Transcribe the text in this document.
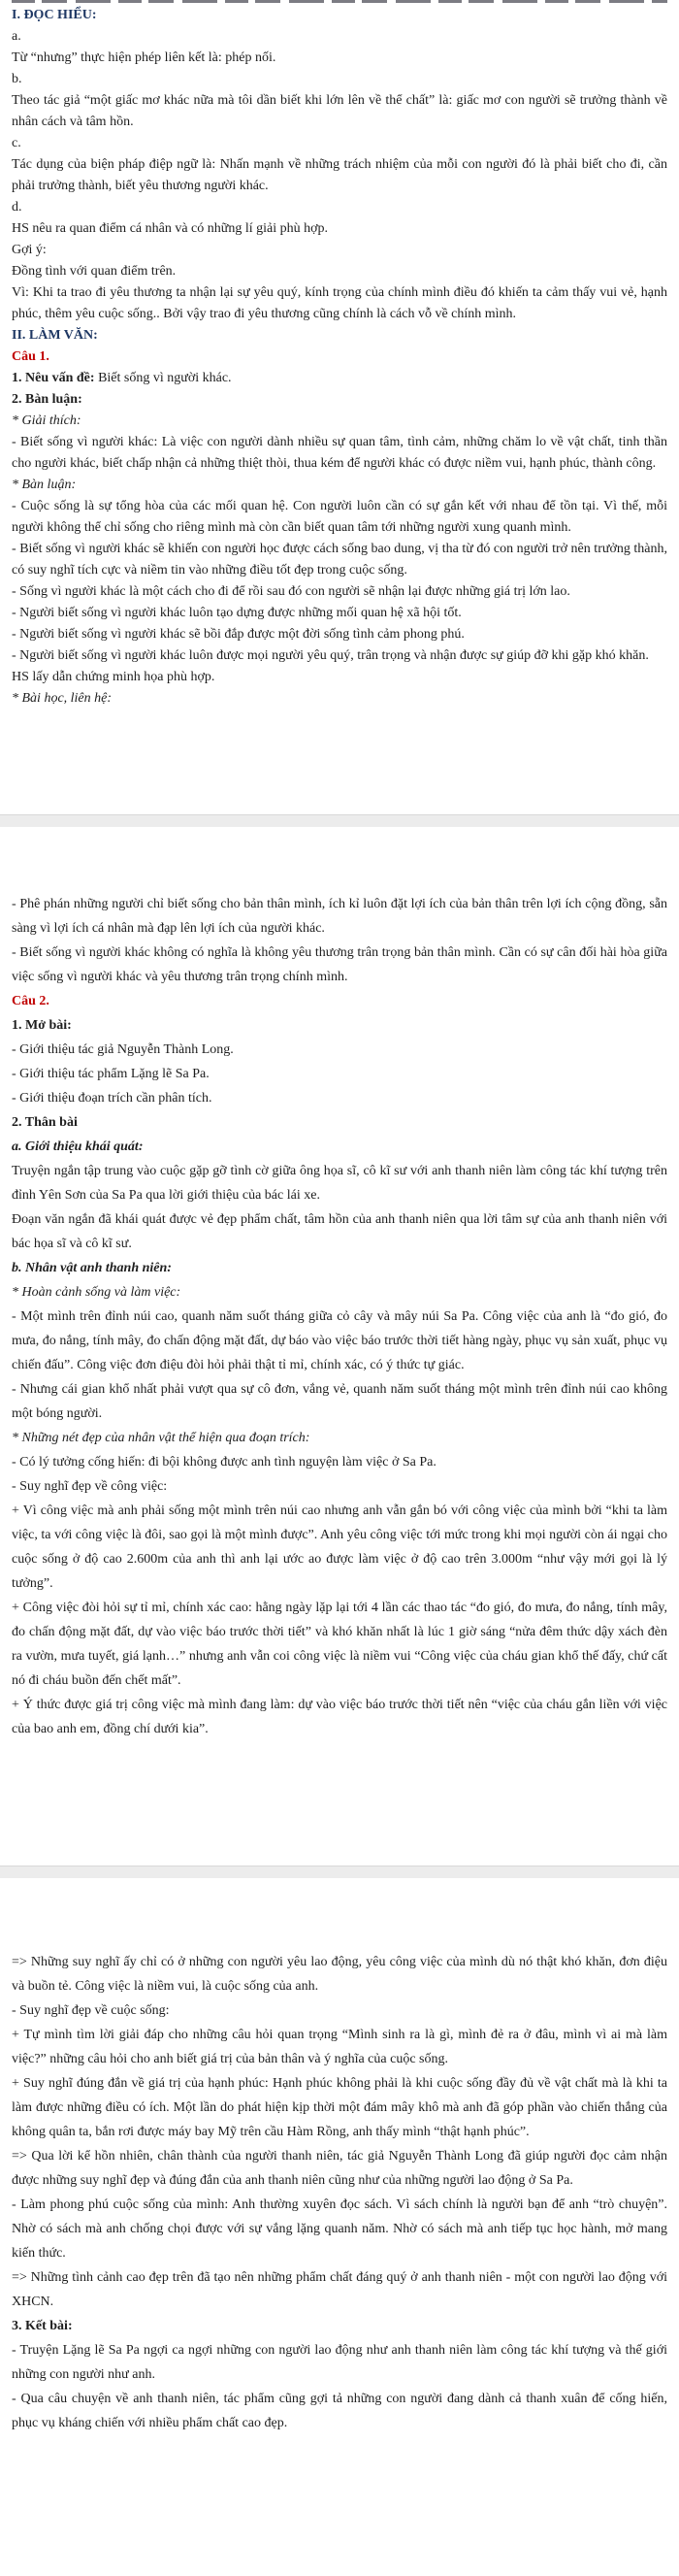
I. ĐỌC HIỂU:

a.

Từ “nhưng” thực hiện phép liên kết là: phép nối.

b.

Theo tác giả “một giấc mơ khác nữa mà tôi dần biết khi lớn lên về thể chất” là: giấc mơ con người sẽ trưởng thành về nhân cách và tâm hồn.

c.

Tác dụng của biện pháp điệp ngữ là: Nhấn mạnh về những trách nhiệm của mỗi con người đó là phải biết cho đi, cần phải trưởng thành, biết yêu thương người khác.

d.

HS nêu ra quan điểm cá nhân và có những lí giải phù hợp.

Gợi ý:

Đồng tình với quan điểm trên.

Vì: Khi ta trao đi yêu thương ta nhận lại sự yêu quý, kính trọng của chính mình điều đó khiến ta cảm thấy vui vẻ, hạnh phúc, thêm yêu cuộc sống.. Bởi vậy trao đi yêu thương cũng chính là cách vỗ về chính mình.

II. LÀM VĂN:

Câu 1.

1. Nêu vấn đề: Biết sống vì người khác.

2. Bàn luận:

* Giải thích:

- Biết sống vì người khác: Là việc con người dành nhiều sự quan tâm, tình cảm, những chăm lo về vật chất, tinh thần cho người khác, biết chấp nhận cả những thiệt thòi, thua kém để người khác có được niềm vui, hạnh phúc, thành công.

* Bàn luận:

- Cuộc sống là sự tổng hòa của các mối quan hệ. Con người luôn cần có sự gắn kết với nhau để tồn tại. Vì thế, mỗi người không thể chỉ sống cho riêng mình mà còn cần biết quan tâm tới những người xung quanh mình.

- Biết sống vì người khác sẽ khiến con người học được cách sống bao dung, vị tha từ đó con người trở nên trưởng thành, có suy nghĩ tích cực và niềm tin vào những điều tốt đẹp trong cuộc sống.

- Sống vì người khác là một cách cho đi để rồi sau đó con người sẽ nhận lại được những giá trị lớn lao.

- Người biết sống vì người khác luôn tạo dựng được những mối quan hệ xã hội tốt.

- Người biết sống vì người khác sẽ bồi đắp được một đời sống tình cảm phong phú.

- Người biết sống vì người khác luôn được mọi người yêu quý, trân trọng và nhận được sự giúp đỡ khi gặp khó khăn.

HS lấy dẫn chứng minh họa phù hợp.

* Bài học, liên hệ:

- Phê phán những người chỉ biết sống cho bản thân mình, ích kỉ luôn đặt lợi ích của bản thân trên lợi ích cộng đồng, sẵn sàng vì lợi ích cá nhân mà đạp lên lợi ích của người khác.

- Biết sống vì người khác không có nghĩa là không yêu thương trân trọng bản thân mình. Cần có sự cân đối hài hòa giữa việc sống vì người khác và yêu thương trân trọng chính mình.

Câu 2.

1. Mở bài:

- Giới thiệu tác giả Nguyễn Thành Long.

- Giới thiệu tác phẩm Lặng lẽ Sa Pa.

- Giới thiệu đoạn trích cần phân tích.

2. Thân bài

a. Giới thiệu khái quát:

Truyện ngắn tập trung vào cuộc gặp gỡ tình cờ giữa ông họa sĩ, cô kĩ sư với anh thanh niên làm công tác khí tượng trên đỉnh Yên Sơn của Sa Pa qua lời giới thiệu của bác lái xe.

Đoạn văn ngắn đã khái quát được vẻ đẹp phẩm chất, tâm hồn của anh thanh niên qua lời tâm sự của anh thanh niên với bác họa sĩ và cô kĩ sư.

b. Nhân vật anh thanh niên:

* Hoàn cảnh sống và làm việc:

- Một mình trên đỉnh núi cao, quanh năm suốt tháng giữa cỏ cây và mây núi Sa Pa. Công việc của anh là “đo gió, đo mưa, đo nắng, tính mây, đo chấn động mặt đất, dự báo vào việc báo trước thời tiết hàng ngày, phục vụ sản xuất, phục vụ chiến đấu”. Công việc đơn điệu đòi hỏi phải thật tỉ mỉ, chính xác, có ý thức tự giác.

- Nhưng cái gian khổ nhất phải vượt qua sự cô đơn, vắng vẻ, quanh năm suốt tháng một mình trên đỉnh núi cao không một bóng người.

* Những nét đẹp của nhân vật thể hiện qua đoạn trích:

- Có lý tưởng cống hiến: đi bội không được anh tình nguyện làm việc ở Sa Pa.

- Suy nghĩ đẹp về công việc:

+ Vì công việc mà anh phải sống một mình trên núi cao nhưng anh vẫn gắn bó với công việc của mình bởi “khi ta làm việc, ta với công việc là đôi, sao gọi là một mình được”. Anh yêu công việc tới mức trong khi mọi người còn ái ngại cho cuộc sống ở độ cao 2.600m của anh thì anh lại ước ao được làm việc ở độ cao trên 3.000m “như vậy mới gọi là lý tưởng”.

+ Công việc đòi hỏi sự tỉ mỉ, chính xác cao: hằng ngày lặp lại tới 4 lần các thao tác “đo gió, đo mưa, đo nắng, tính mây, đo chấn động mặt đất, dự vào việc báo trước thời tiết” và khó khăn nhất là lúc 1 giờ sáng “nửa đêm thức dậy xách đèn ra vườn, mưa tuyết, giá lạnh…” nhưng anh vẫn coi công việc là niềm vui “Công việc của cháu gian khổ thế đấy, chứ cất nó đi cháu buồn đến chết mất”.

+ Ý thức được giá trị công việc mà mình đang làm: dự vào việc báo trước thời tiết nên “việc của cháu gắn liền với việc của bao anh em, đồng chí dưới kia”.

=> Những suy nghĩ ấy chỉ có ở những con người yêu lao động, yêu công việc của mình dù nó thật khó khăn, đơn điệu và buồn tẻ. Công việc là niềm vui, là cuộc sống của anh.

- Suy nghĩ đẹp về cuộc sống:

+ Tự mình tìm lời giải đáp cho những câu hỏi quan trọng “Mình sinh ra là gì, mình đẻ ra ở đâu, mình vì ai mà làm việc?” những câu hỏi cho anh biết giá trị của bản thân và ý nghĩa của cuộc sống.

+ Suy nghĩ đúng đắn về giá trị của hạnh phúc: Hạnh phúc không phải là khi cuộc sống đầy đủ về vật chất mà là khi ta làm được những điều có ích. Một lần do phát hiện kịp thời một đám mây khô mà anh đã góp phần vào chiến thắng của không quân ta, bắn rơi được máy bay Mỹ trên cầu Hàm Rồng, anh thấy mình “thật hạnh phúc”.

=> Qua lời kể hồn nhiên, chân thành của người thanh niên, tác giả Nguyễn Thành Long đã giúp người đọc cảm nhận được những suy nghĩ đẹp và đúng đắn của anh thanh niên cũng như của những người lao động ở Sa Pa.

- Làm phong phú cuộc sống của mình: Anh thường xuyên đọc sách. Vì sách chính là người bạn để anh “trò chuyện”. Nhờ có sách mà anh chống chọi được với sự vắng lặng quanh năm. Nhờ có sách mà anh tiếp tục học hành, mở mang kiến thức.

=> Những tình cảnh cao đẹp trên đã tạo nên những phẩm chất đáng quý ở anh thanh niên - một con người lao động với XHCN.

3. Kết bài:

- Truyện Lặng lẽ Sa Pa ngợi ca ngợi những con người lao động như anh thanh niên làm công tác khí tượng và thế giới những con người như anh.

- Qua câu chuyện về anh thanh niên, tác phẩm cũng gợi tả những con người đang dành cả thanh xuân để cống hiến, phục vụ kháng chiến với nhiều phẩm chất cao đẹp.
